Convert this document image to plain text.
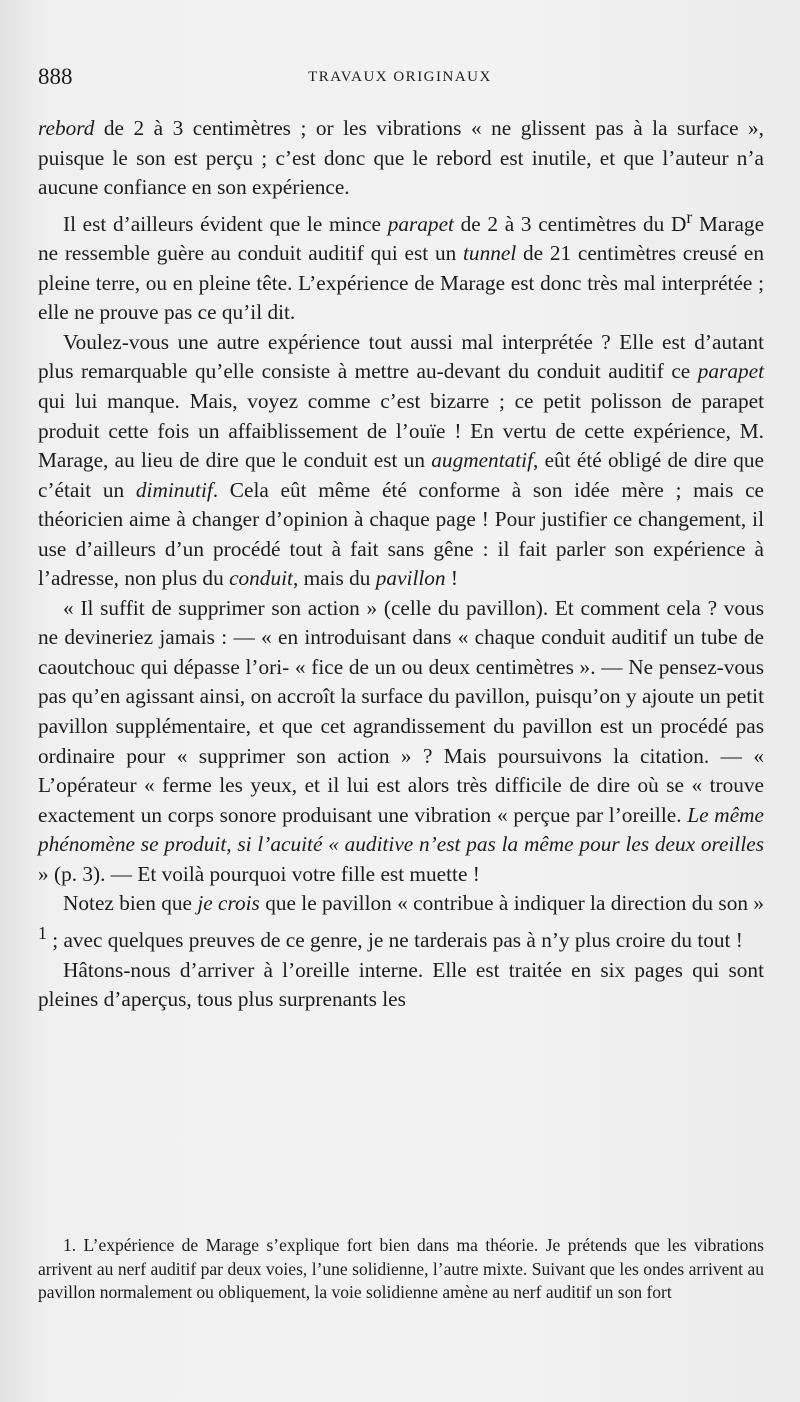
888	TRAVAUX ORIGINAUX

rebord de 2 à 3 centimètres ; or les vibrations « ne glissent pas à la surface », puisque le son est perçu ; c’est donc que le rebord est inutile, et que l’auteur n’a aucune confiance en son expérience.

Il est d’ailleurs évident que le mince parapet de 2 à 3 centimètres du $D^r$ Marage ne ressemble guère au conduit auditif qui est un tunnel de 21 centimètres creusé en pleine terre, ou en pleine tête. L’expérience de Marage est donc très mal interprétée ; elle ne prouve pas ce qu’il dit.

Voulez-vous une autre expérience tout aussi mal interprétée ? Elle est d’autant plus remarquable qu’elle consiste à mettre au-devant du conduit auditif ce parapet qui lui manque. Mais, voyez comme c’est bizarre ; ce petit polisson de parapet produit cette fois un affaiblissement de l’ouïe ! En vertu de cette expérience, M. Marage, au lieu de dire que le conduit est un augmentatif, eût été obligé de dire que c’était un diminutif. Cela eût même été conforme à son idée mère ; mais ce théoricien aime à changer d’opinion à chaque page ! Pour justifier ce changement, il use d’ailleurs d’un procédé tout à fait sans gêne : il fait parler son expérience à l’adresse, non plus du conduit, mais du pavillon !

« Il suffit de supprimer son action » (celle du pavillon). Et comment cela ? vous ne devineriez jamais : — « en introduisant dans « chaque conduit auditif un tube de caoutchouc qui dépasse l’ori- « fice de un ou deux centimètres ». — Ne pensez-vous pas qu’en agissant ainsi, on accroît la surface du pavillon, puisqu’on y ajoute un petit pavillon supplémentaire, et que cet agrandissement du pavillon est un procédé pas ordinaire pour « supprimer son action » ? Mais poursuivons la citation. — « L’opérateur « ferme les yeux, et il lui est alors très difficile de dire où se « trouve exactement un corps sonore produisant une vibration « perçue par l’oreille. Le même phénomène se produit, si l’acuité « auditive n’est pas la même pour les deux oreilles » (p. 3). — Et voilà pourquoi votre fille est muette !

Notez bien que je crois que le pavillon « contribue à indiquer la direction du son » $^1$ ; avec quelques preuves de ce genre, je ne tarderais pas à n’y plus croire du tout !

Hâtons-nous d’arriver à l’oreille interne. Elle est traitée en six pages qui sont pleines d’aperçus, tous plus surprenants les

1. L’expérience de Marage s’explique fort bien dans ma théorie. Je prétends que les vibrations arrivent au nerf auditif par deux voies, l’une solidienne, l’autre mixte. Suivant que les ondes arrivent au pavillon normalement ou obliquement, la voie solidienne amène au nerf auditif un son fort
